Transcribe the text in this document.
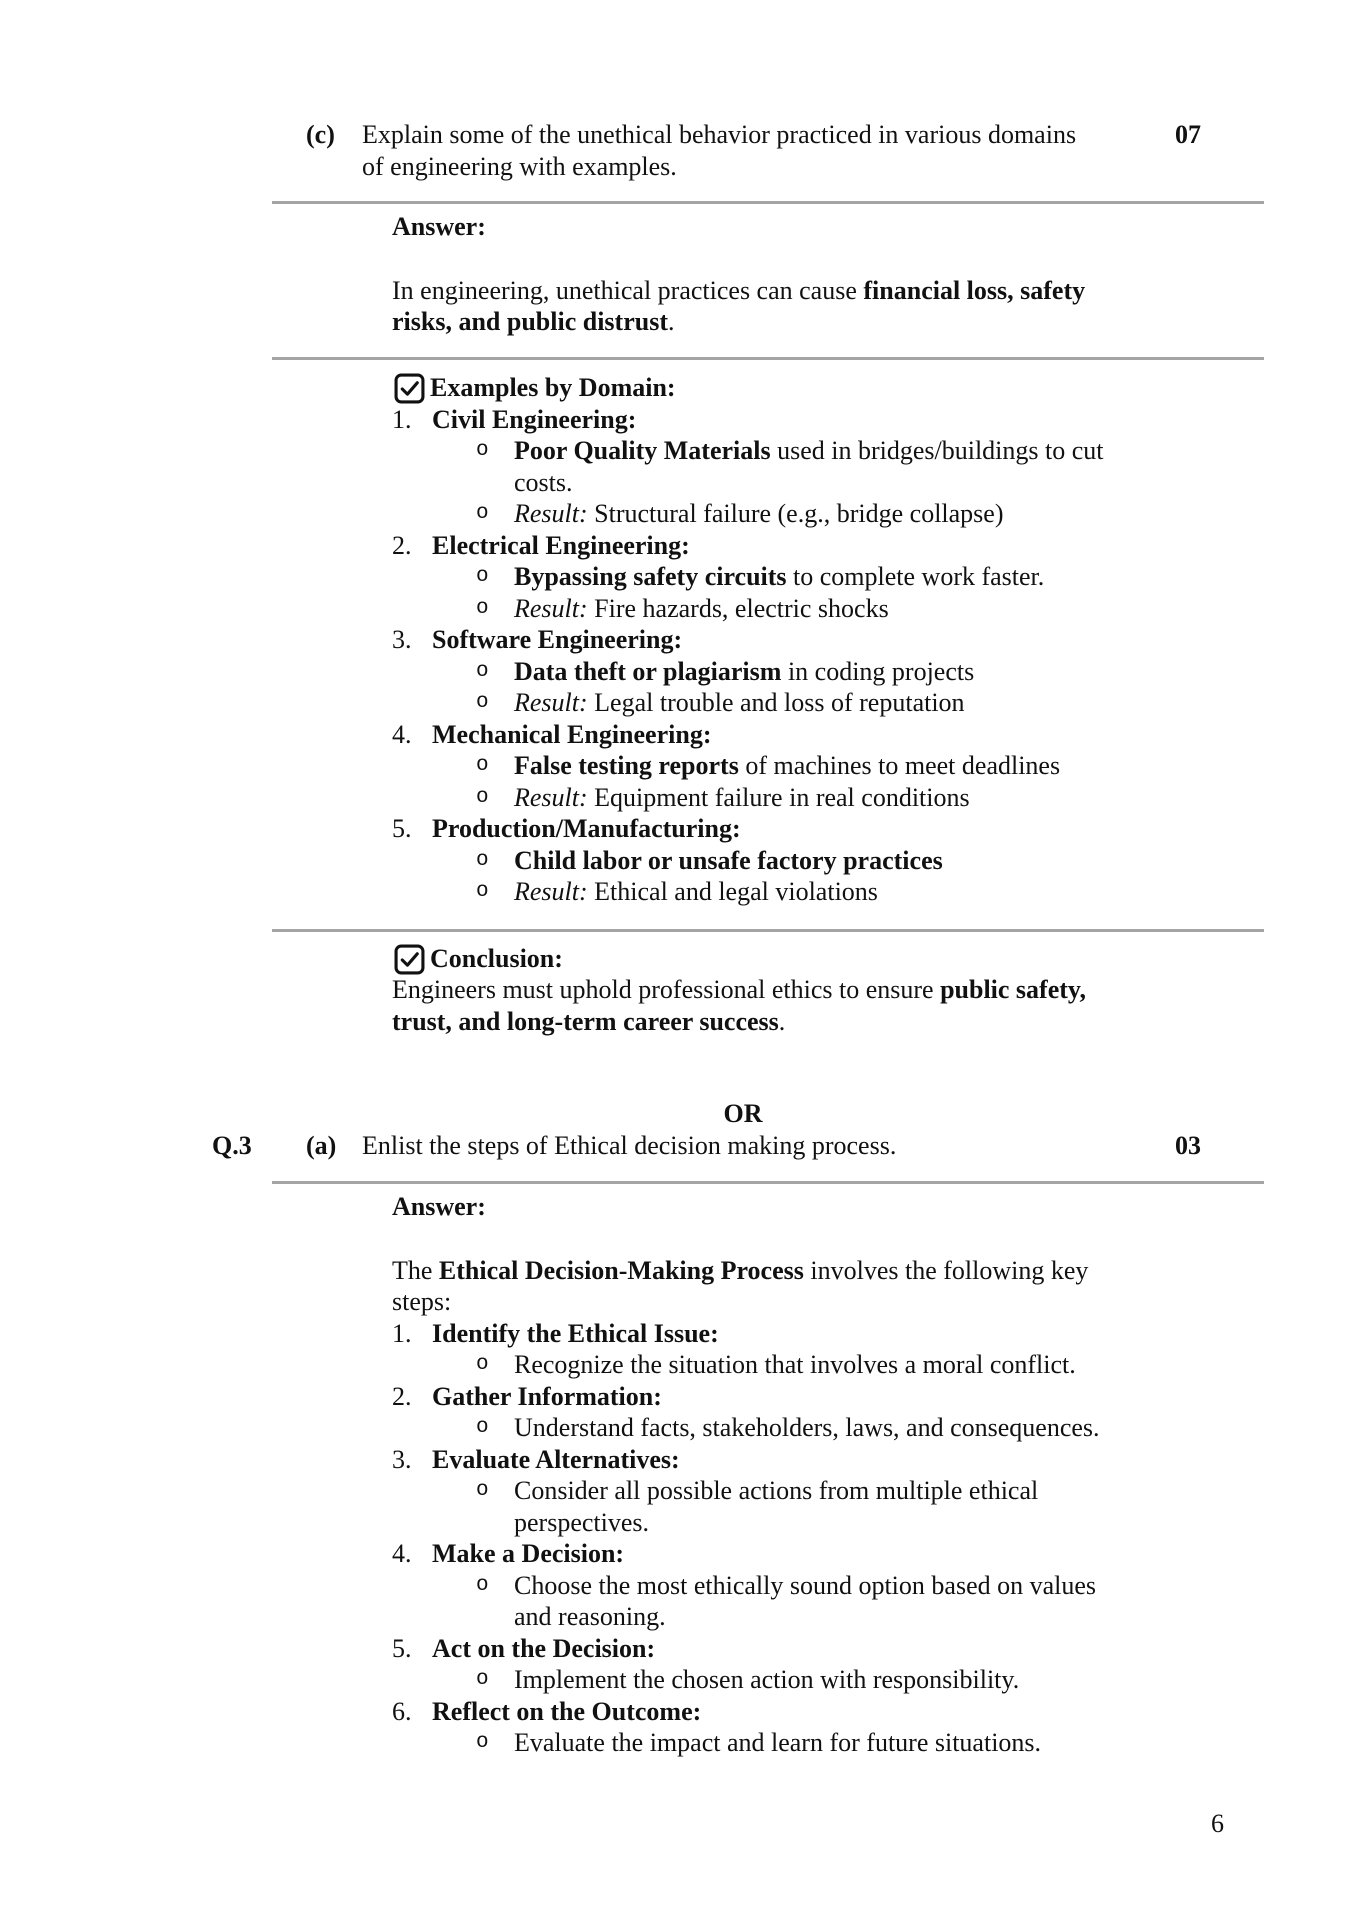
(c) Explain some of the unethical behavior practiced in various domains
of engineering with examples.
07
Answer:
In engineering, unethical practices can cause financial loss, safety
risks, and public distrust.
Examples by Domain:
1. Civil Engineering:
o Poor Quality Materials used in bridges/buildings to cut
costs.
o Result: Structural failure (e.g., bridge collapse)
2. Electrical Engineering:
o Bypassing safety circuits to complete work faster.
o Result: Fire hazards, electric shocks
3. Software Engineering:
o Data theft or plagiarism in coding projects
o Result: Legal trouble and loss of reputation
4. Mechanical Engineering:
o False testing reports of machines to meet deadlines
o Result: Equipment failure in real conditions
5. Production/Manufacturing:
o Child labor or unsafe factory practices
o Result: Ethical and legal violations
Conclusion:
Engineers must uphold professional ethics to ensure public safety,
trust, and long-term career success.
OR
Q.3 (a) Enlist the steps of Ethical decision making process.	03
Answer:
The Ethical Decision-Making Process involves the following key
steps:
1. Identify the Ethical Issue:
o Recognize the situation that involves a moral conflict.
2. Gather Information:
o Understand facts, stakeholders, laws, and consequences.
3. Evaluate Alternatives:
o Consider all possible actions from multiple ethical
perspectives.
4. Make a Decision:
o Choose the most ethically sound option based on values
and reasoning.
5. Act on the Decision:
o Implement the chosen action with responsibility.
6. Reflect on the Outcome:
o Evaluate the impact and learn for future situations.
6
